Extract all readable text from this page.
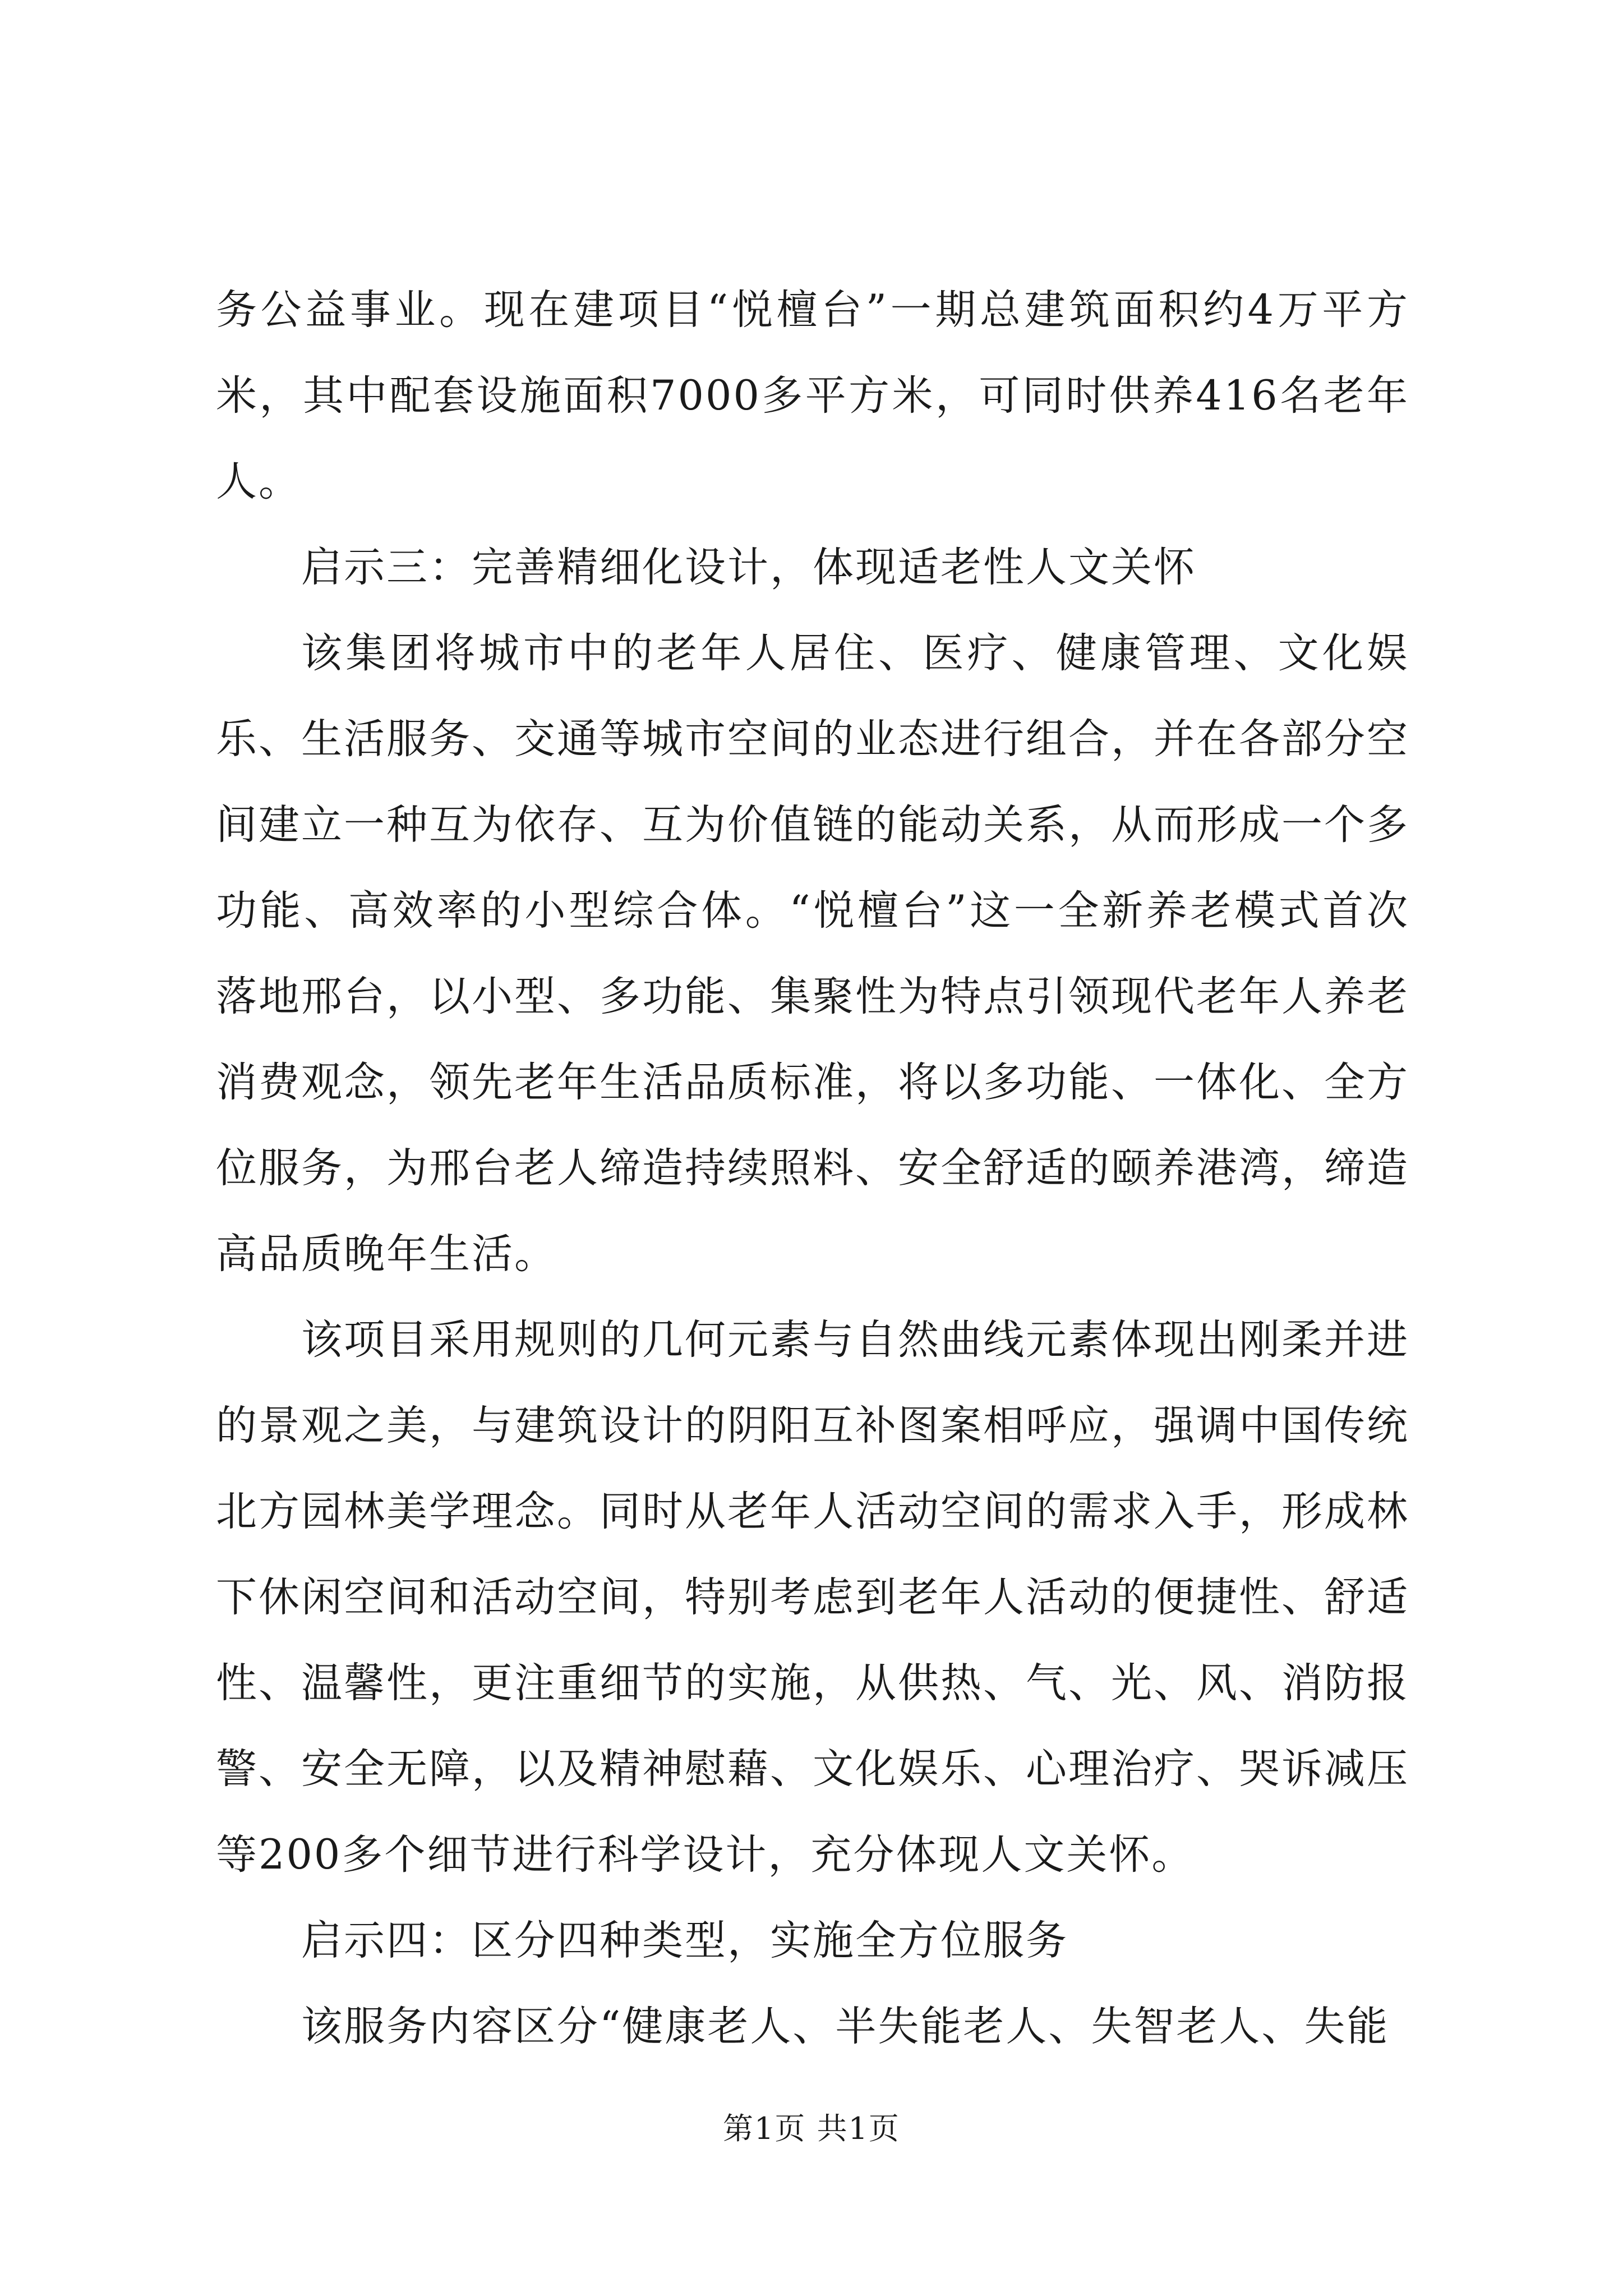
务公益事业。现在建项目“悦檀台”一期总建筑面积约4万平方米，其中配套设施面积7000多平方米，可同时供养416名老年人。

启示三：完善精细化设计，体现适老性人文关怀

该集团将城市中的老年人居住、医疗、健康管理、文化娱乐、生活服务、交通等城市空间的业态进行组合，并在各部分空间建立一种互为依存、互为价值链的能动关系，从而形成一个多功能、高效率的小型综合体。“悦檀台”这一全新养老模式首次落地邢台，以小型、多功能、集聚性为特点引领现代老年人养老消费观念，领先老年生活品质标准，将以多功能、一体化、全方位服务，为邢台老人缔造持续照料、安全舒适的颐养港湾，缔造高品质晚年生活。

该项目采用规则的几何元素与自然曲线元素体现出刚柔并进的景观之美，与建筑设计的阴阳互补图案相呼应，强调中国传统北方园林美学理念。同时从老年人活动空间的需求入手，形成林下休闲空间和活动空间，特别考虑到老年人活动的便捷性、舒适性、温馨性，更注重细节的实施，从供热、气、光、风、消防报警、安全无障，以及精神慰藉、文化娱乐、心理治疗、哭诉减压等200多个细节进行科学设计，充分体现人文关怀。

启示四：区分四种类型，实施全方位服务

该服务内容区分“健康老人、半失能老人、失智老人、失能

第1页 共1页
